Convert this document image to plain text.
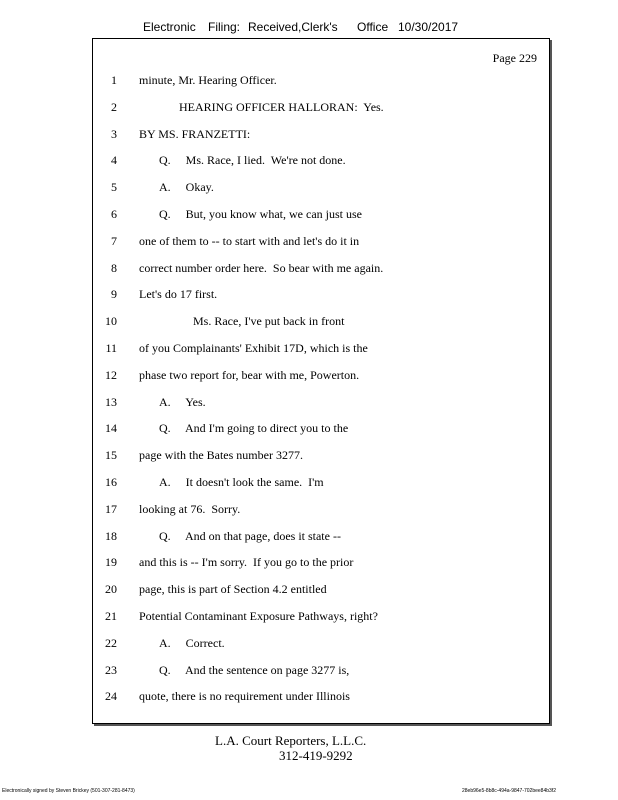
Electronic Filing: Received,Clerk's Office 10/30/2017
Page 229
1 minute, Mr. Hearing Officer.
2	HEARING OFFICER HALLORAN:  Yes.
3 BY MS. FRANZETTI:
4	Q.     Ms. Race, I lied.  We're not done.
5	A.     Okay.
6	Q.     But, you know what, we can just use
7 one of them to -- to start with and let's do it in
8 correct number order here.  So bear with me again.
9 Let's do 17 first.
10	Ms. Race, I've put back in front
11 of you Complainants' Exhibit 17D, which is the
12 phase two report for, bear with me, Powerton.
13	A.     Yes.
14	Q.     And I'm going to direct you to the
15 page with the Bates number 3277.
16	A.     It doesn't look the same.  I'm
17 looking at 76.  Sorry.
18	Q.     And on that page, does it state --
19 and this is -- I'm sorry.  If you go to the prior
20 page, this is part of Section 4.2 entitled
21 Potential Contaminant Exposure Pathways, right?
22	A.     Correct.
23	Q.     And the sentence on page 3277 is,
24 quote, there is no requirement under Illinois
L.A. Court Reporters, L.L.C.
312-419-9292
Electronically signed by Steven Brickey (501-307-281-8473)	28eb96e5-8b8c-494a-9847-702bee84b3f2
